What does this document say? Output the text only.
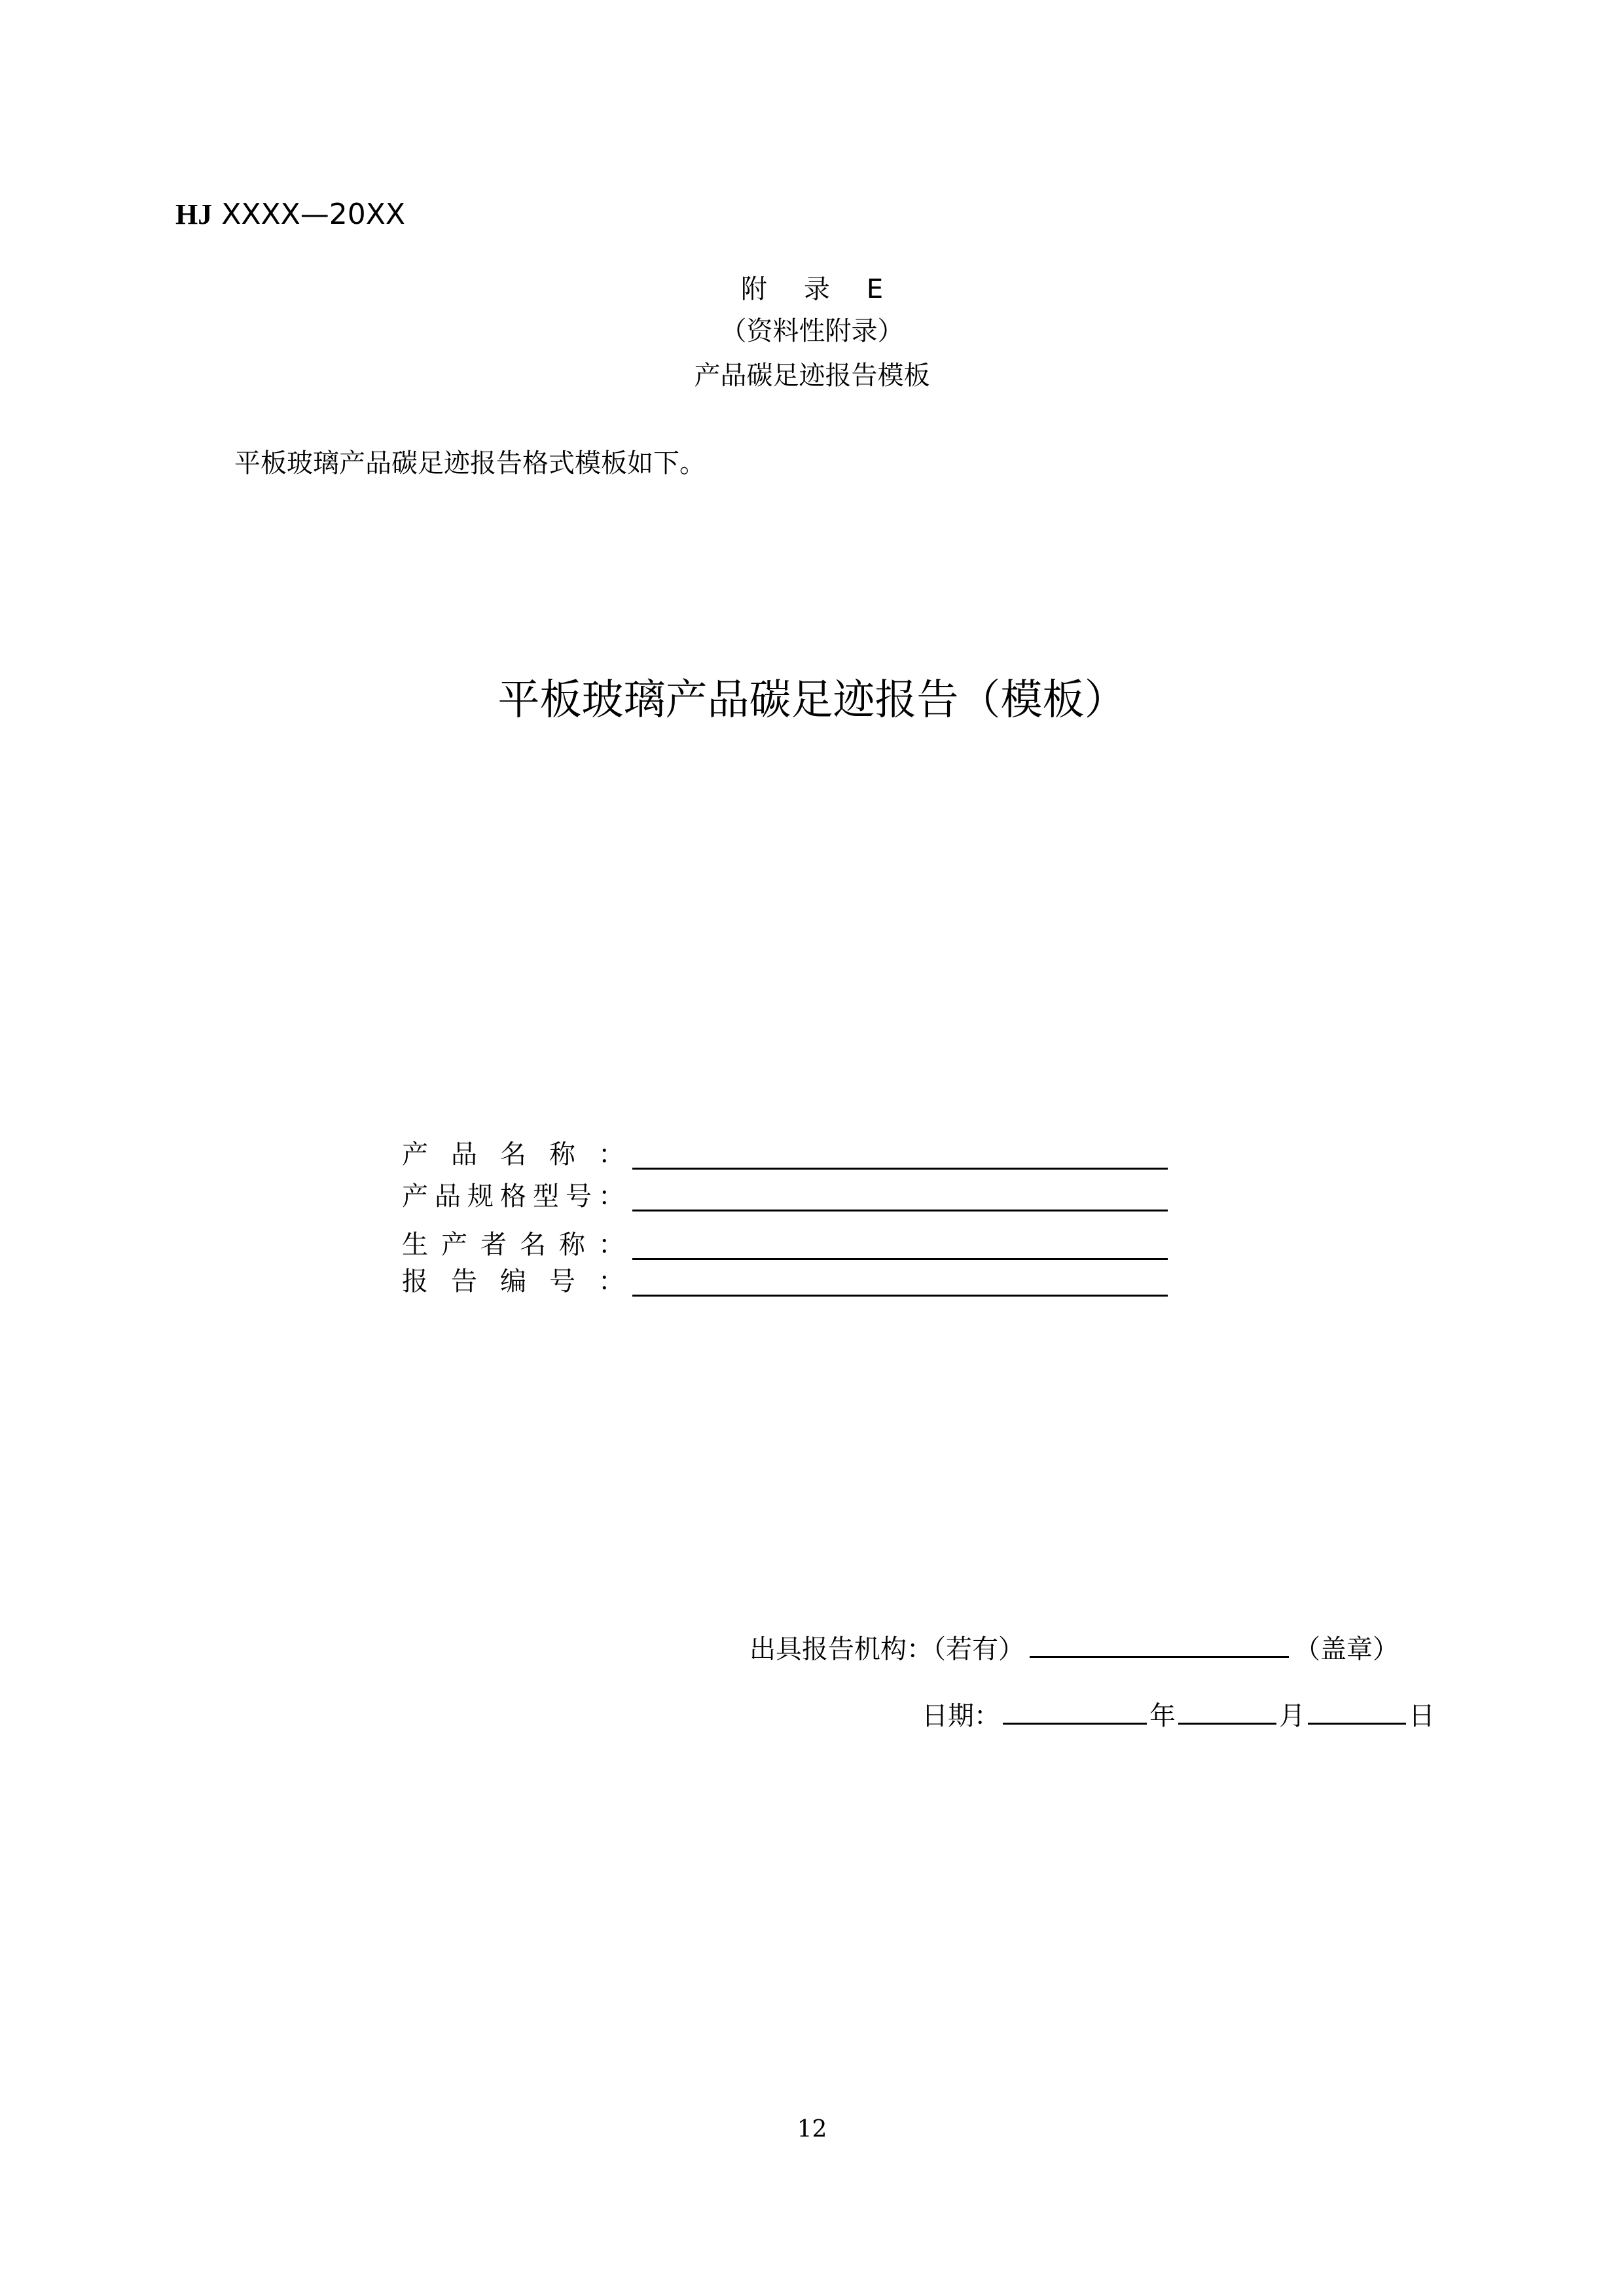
HJ XXXX—20XX
附录E
（资料性附录）
产品碳足迹报告模板
平板玻璃产品碳足迹报告格式模板如下。
平板玻璃产品碳足迹报告（模板）
产 品 名 称 ：
产 品 规 格 型 号 ：
生 产 者 名 称 ：
报 告 编 号 ：
出具报告机构：（若有）	（盖章）
日期：	年	月	日
12
